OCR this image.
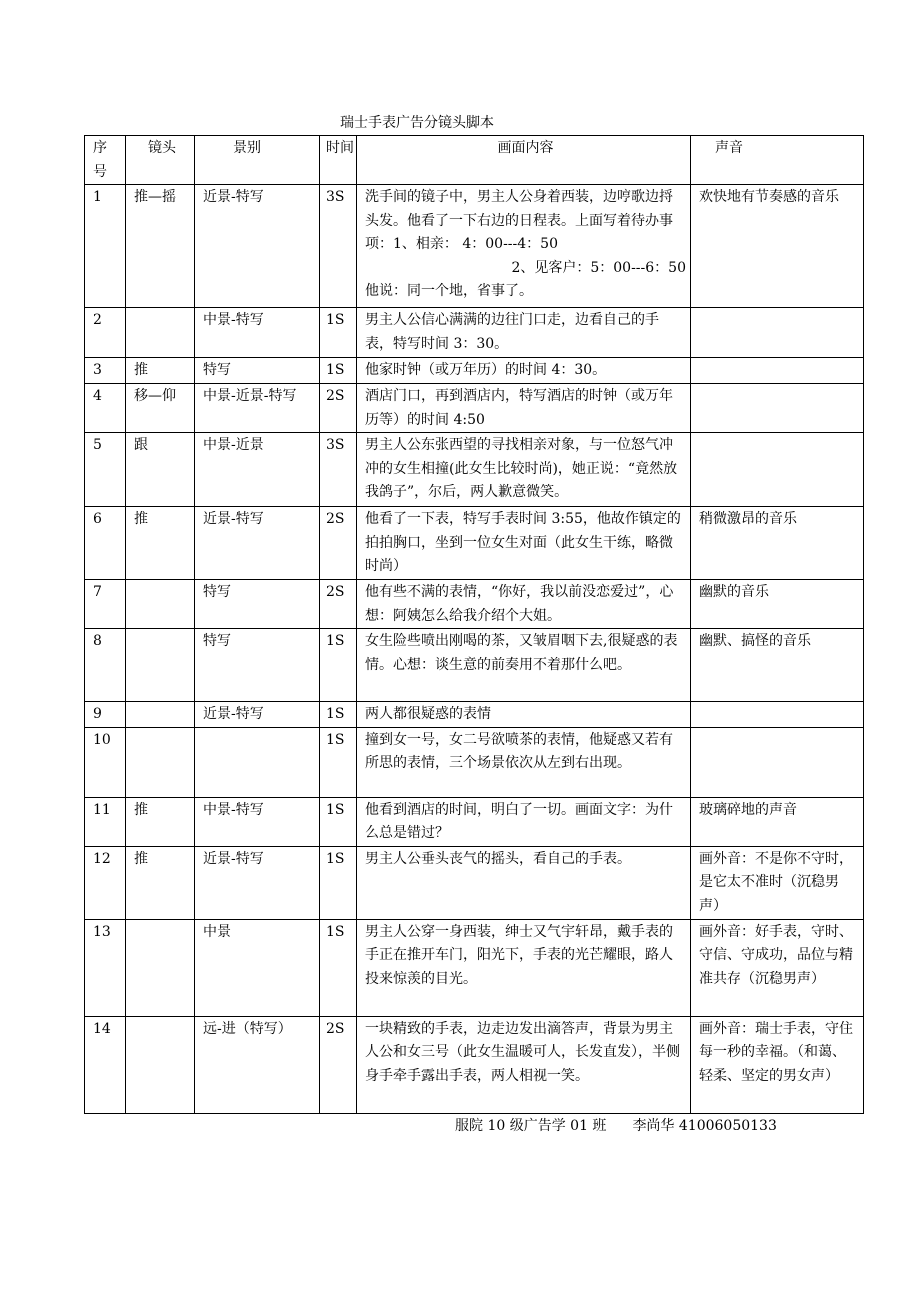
瑞士手表广告分镜头脚本
序号	镜头	景别	时间	画面内容	声音
1	推—摇	近景-特写	3S	洗手间的镜子中，男主人公身着西装，边哼歌边捋头发。他看了一下右边的日程表。上面写着待办事项：1、相亲： 4：00---4：50
2、见客户：5：00---6：50
他说：同一个地，省事了。	欢快地有节奏感的音乐
2		中景-特写	1S	男主人公信心满满的边往门口走，边看自己的手表，特写时间 3：30。	

3	推	特写	1S	他家时钟（或万年历）的时间 4：30。	

4	移—仰	中景-近景-特写	2S	酒店门口，再到酒店内，特写酒店的时钟（或万年历等）的时间 4:50	

5	跟	中景-近景	3S	男主人公东张西望的寻找相亲对象，与一位怒气冲冲的女生相撞(此女生比较时尚)，她正说：“竟然放我鸽子”，尔后，两人歉意微笑。	

6	推	近景-特写	2S	他看了一下表，特写手表时间 3:55，他故作镇定的拍拍胸口，坐到一位女生对面（此女生干练，略微时尚）	稍微激昂的音乐
7		特写	2S	他有些不满的表情，“你好，我以前没恋爱过”，心想：阿姨怎么给我介绍个大姐。	幽默的音乐
8		特写	1S	女生险些喷出刚喝的茶，又皱眉咽下去,很疑惑的表情。心想：谈生意的前奏用不着那什么吧。	幽默、搞怪的音乐
9		近景-特写	1S	两人都很疑惑的表情	

10			1S	撞到女一号，女二号欲喷茶的表情，他疑惑又若有所思的表情，三个场景依次从左到右出现。	

11	推	中景-特写	1S	他看到酒店的时间，明白了一切。画面文字：为什么总是错过？	玻璃碎地的声音
12	推	近景-特写	1S	男主人公垂头丧气的摇头，看自己的手表。	画外音：不是你不守时，是它太不准时（沉稳男声）
13		中景	1S	男主人公穿一身西装，绅士又气宇轩昂，戴手表的手正在推开车门，阳光下，手表的光芒耀眼，路人投来惊羡的目光。	画外音：好手表，守时、守信、守成功，品位与精准共存（沉稳男声）
14		远-进（特写）	2S	一块精致的手表，边走边发出滴答声，背景为男主人公和女三号（此女生温暖可人，长发直发），半侧身手牵手露出手表，两人相视一笑。	画外音：瑞士手表，守住每一秒的幸福。（和蔼、轻柔、坚定的男女声）
服院 10 级广告学 01 班 李尚华 41006050133
